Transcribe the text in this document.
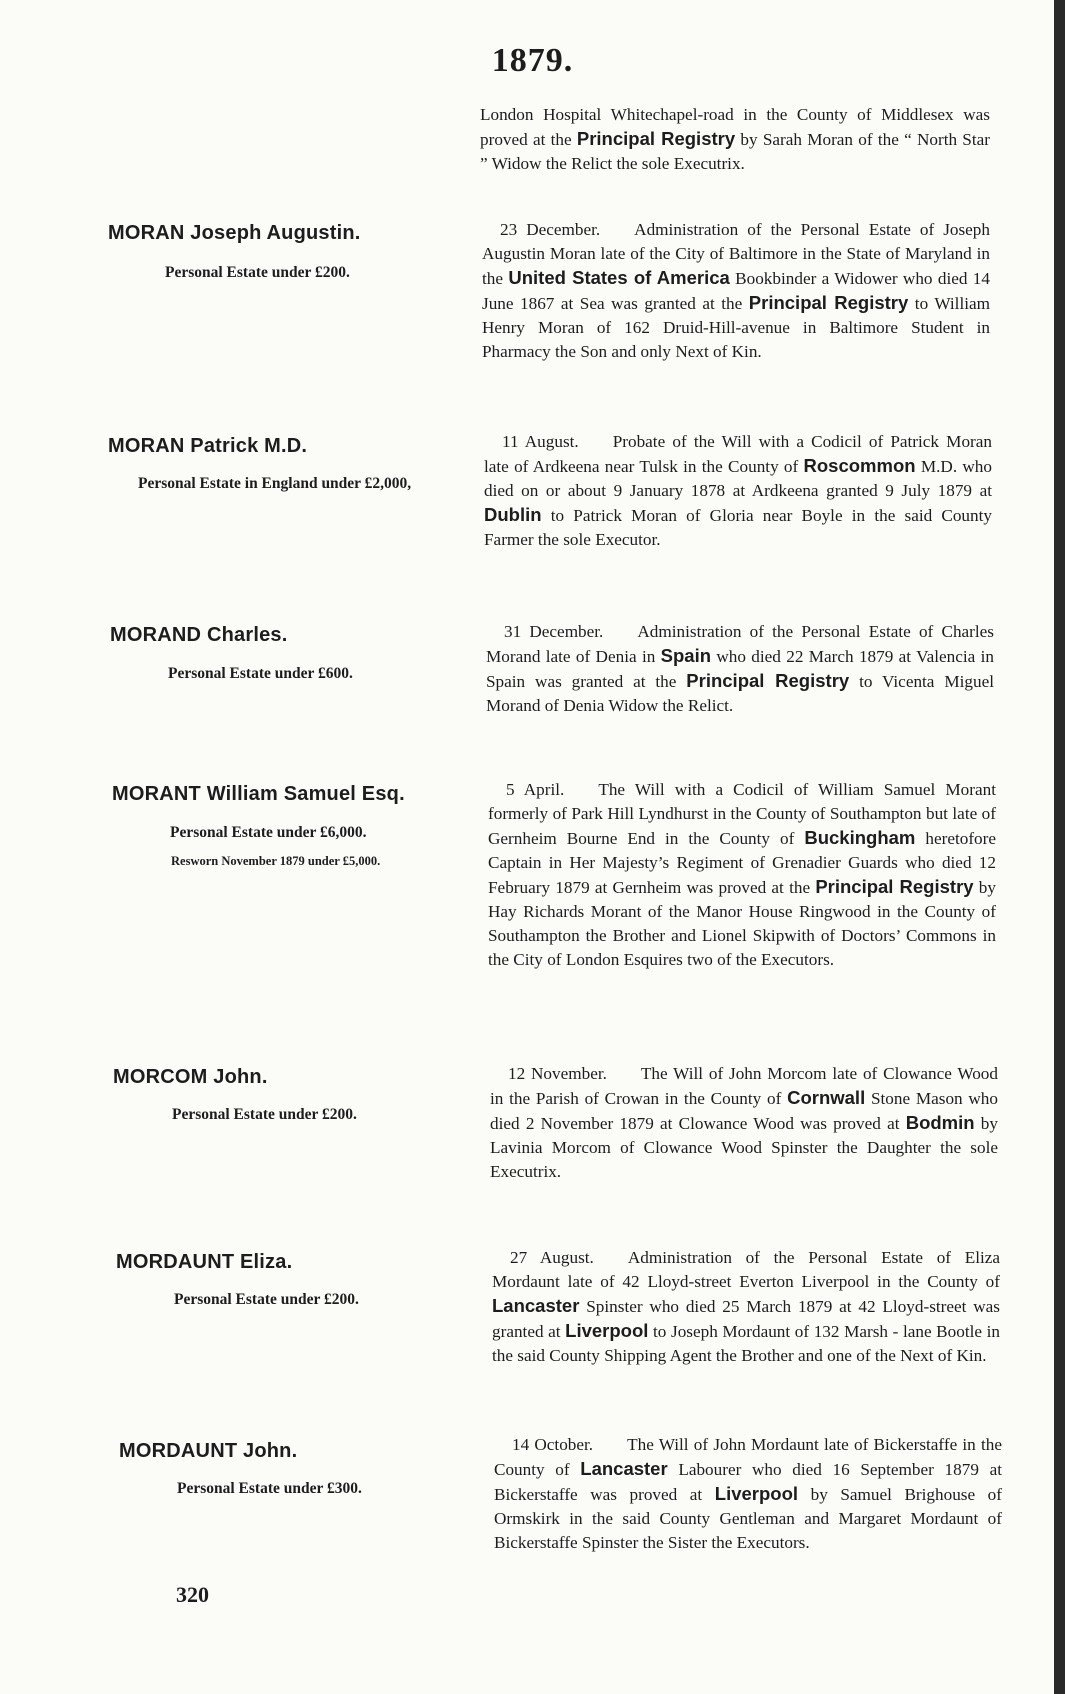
1879.
London Hospital Whitechapel-road in the County of Middlesex was proved at the Principal Registry by Sarah Moran of the “ North Star ” Widow the Relict the sole Executrix.
MORAN Joseph Augustin.
Personal Estate under £200.
23 December. Administration of the Personal Estate of Joseph Augustin Moran late of the City of Baltimore in the State of Maryland in the United States of America Bookbinder a Widower who died 14 June 1867 at Sea was granted at the Principal Registry to William Henry Moran of 162 Druid-Hill-avenue in Baltimore Student in Pharmacy the Son and only Next of Kin.
MORAN Patrick M.D.
Personal Estate in England under £2,000,
11 August. Probate of the Will with a Codicil of Patrick Moran late of Ardkeena near Tulsk in the County of Roscommon M.D. who died on or about 9 January 1878 at Ardkeena granted 9 July 1879 at Dublin to Patrick Moran of Gloria near Boyle in the said County Farmer the sole Executor.
MORAND Charles.
Personal Estate under £600.
31 December. Administration of the Personal Estate of Charles Morand late of Denia in Spain who died 22 March 1879 at Valencia in Spain was granted at the Principal Registry to Vicenta Miguel Morand of Denia Widow the Relict.
MORANT William Samuel Esq.
Personal Estate under £6,000.
Resworn November 1879 under £5,000.
5 April. The Will with a Codicil of William Samuel Morant formerly of Park Hill Lyndhurst in the County of Southampton but late of Gernheim Bourne End in the County of Buckingham heretofore Captain in Her Majesty’s Regiment of Grenadier Guards who died 12 February 1879 at Gernheim was proved at the Principal Registry by Hay Richards Morant of the Manor House Ringwood in the County of Southampton the Brother and Lionel Skipwith of Doctors’ Commons in the City of London Esquires two of the Executors.
MORCOM John.
Personal Estate under £200.
12 November. The Will of John Morcom late of Clowance Wood in the Parish of Crowan in the County of Cornwall Stone Mason who died 2 November 1879 at Clowance Wood was proved at Bodmin by Lavinia Morcom of Clowance Wood Spinster the Daughter the sole Executrix.
MORDAUNT Eliza.
Personal Estate under £200.
27 August. Administration of the Personal Estate of Eliza Mordaunt late of 42 Lloyd-street Everton Liverpool in the County of Lancaster Spinster who died 25 March 1879 at 42 Lloyd-street was granted at Liverpool to Joseph Mordaunt of 132 Marsh - lane Bootle in the said County Shipping Agent the Brother and one of the Next of Kin.
MORDAUNT John.
Personal Estate under £300.
14 October. The Will of John Mordaunt late of Bickerstaffe in the County of Lancaster Labourer who died 16 September 1879 at Bickerstaffe was proved at Liverpool by Samuel Brighouse of Ormskirk in the said County Gentleman and Margaret Mordaunt of Bickerstaffe Spinster the Sister the Executors.
320
